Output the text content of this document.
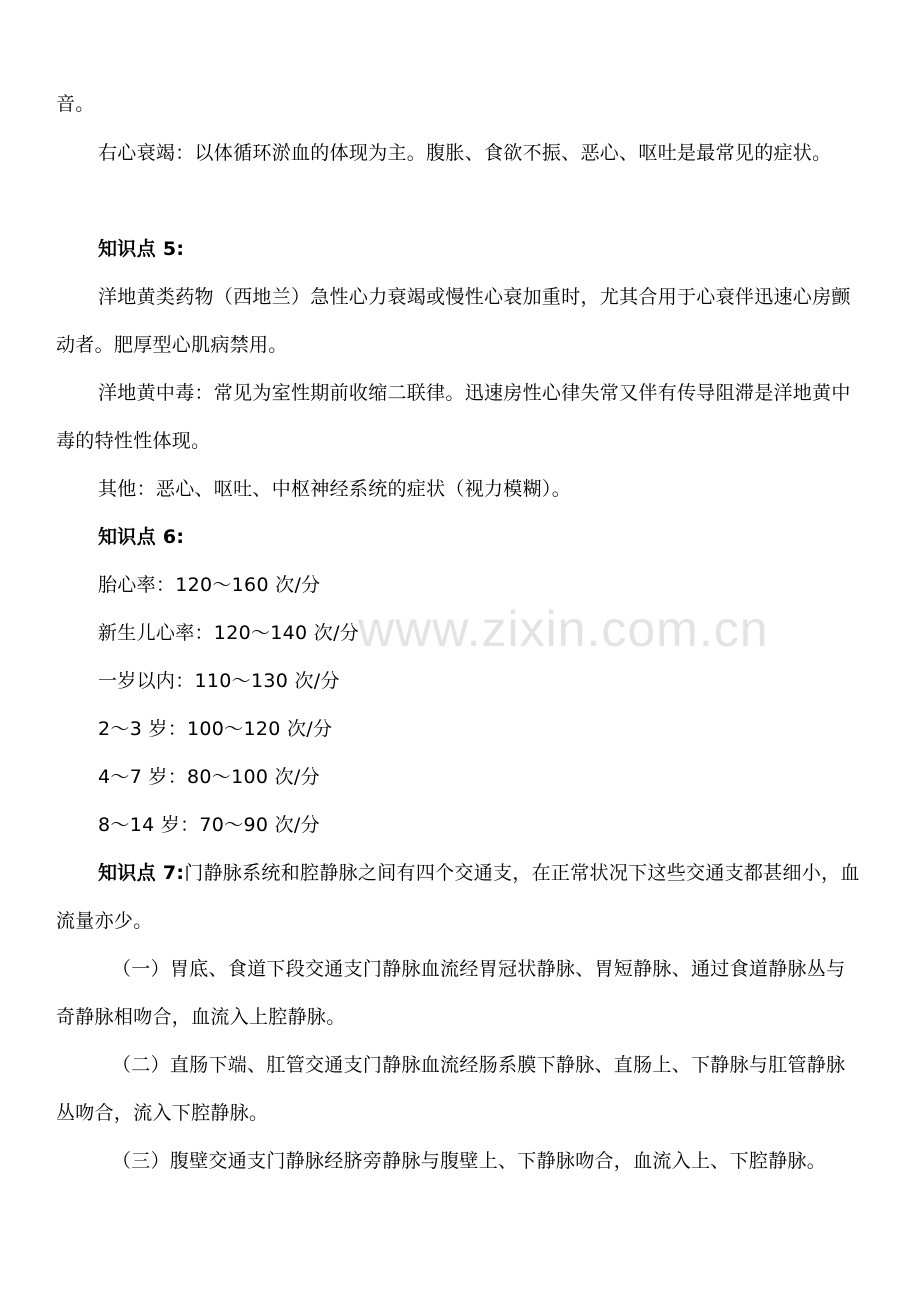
www.zixin.com.cn

音。

右心衰竭：以体循环淤血的体现为主。腹胀、食欲不振、恶心、呕吐是最常见的症状。

知识点 5:

洋地黄类药物（西地兰）急性心力衰竭或慢性心衰加重时，尤其合用于心衰伴迅速心房颤动者。肥厚型心肌病禁用。

洋地黄中毒：常见为室性期前收缩二联律。迅速房性心律失常又伴有传导阻滞是洋地黄中毒的特性性体现。

其他：恶心、呕吐、中枢神经系统的症状（视力模糊）。

知识点 6:

胎心率：120～160 次/分

新生儿心率：120～140 次/分

一岁以内：110～130 次/分

2～3 岁：100～120 次/分

4～7 岁：80～100 次/分

8～14 岁：70～90 次/分

知识点 7:门静脉系统和腔静脉之间有四个交通支，在正常状况下这些交通支都甚细小，血流量亦少。

（一）胃底、食道下段交通支门静脉血流经胃冠状静脉、胃短静脉、通过食道静脉丛与奇静脉相吻合，血流入上腔静脉。

（二）直肠下端、肛管交通支门静脉血流经肠系膜下静脉、直肠上、下静脉与肛管静脉丛吻合，流入下腔静脉。

（三）腹壁交通支门静脉经脐旁静脉与腹壁上、下静脉吻合，血流入上、下腔静脉。
